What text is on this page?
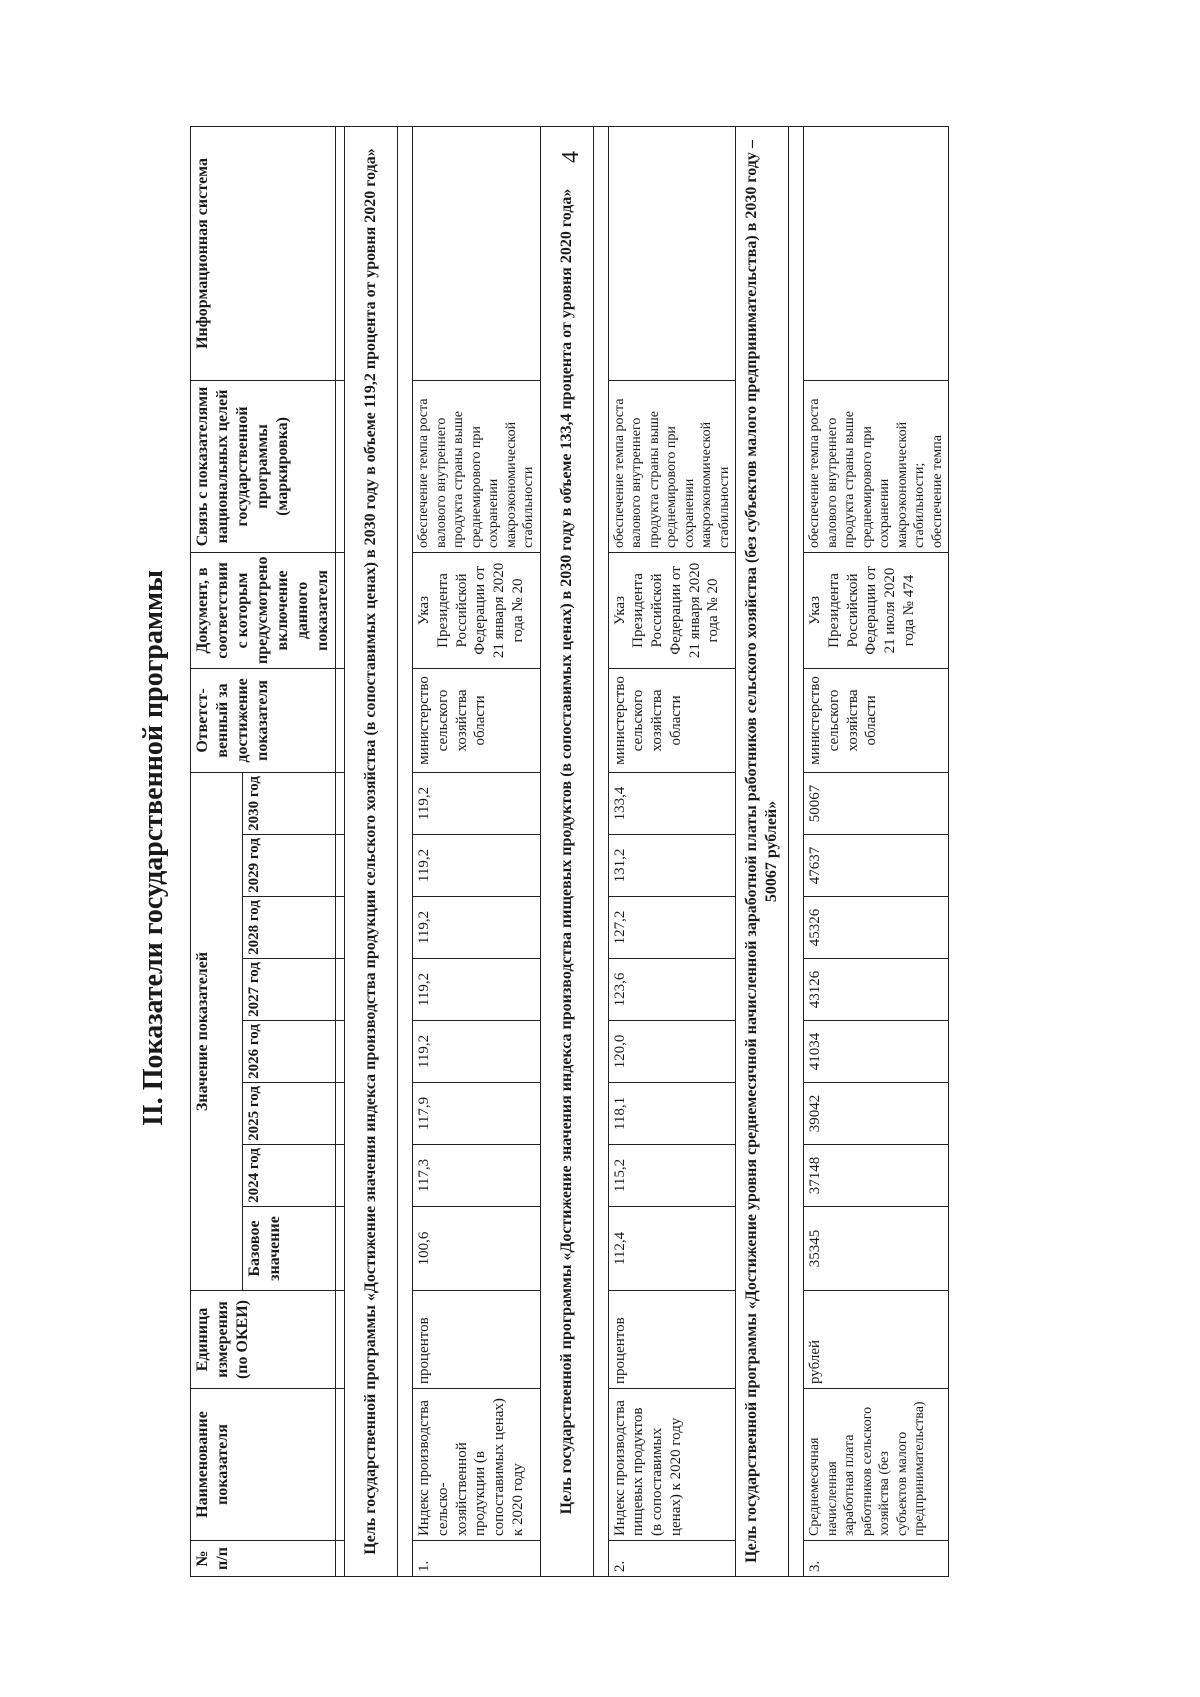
4
II. Показатели государственной программы
№ п/п	Наименование показателя	Единица измерения (по ОКЕИ)	Значение показателей								Ответст-венный за достижение показателя	Документ, в соответствии с которым предусмотрено включение данного показателя	Связь с показателями национальных целей государственной программы (маркировка)	Информационная система
			Базовое значение	2024 год	2025 год	2026 год	2027 год	2028 год	2029 год	2030 год				

Цель государственной программы «Достижение значения индекса производства продукции сельского хозяйства (в сопоставимых ценах) в 2030 году в объеме 119,2 процента от уровня 2020 года»														

1.	Индекс производства сельско-хозяйственной продукции (в сопоставимых ценах) к 2020 году	процентов	100,6	117,3	117,9	119,2	119,2	119,2	119,2	119,2	министерство сельского хозяйства области	Указ Президента Российской Федерации от 21 января 2020 года № 20	обеспечение темпа роста валового внутреннего продукта страны выше среднемирового при сохранении макроэкономической стабильности	
Цель государственной программы «Достижение значения индекса производства пищевых продуктов (в сопоставимых ценах) в 2030 году в объеме 133,4 процента от уровня 2020 года»														

2.	Индекс производства пищевых продуктов (в сопоставимых ценах) к 2020 году	процентов	112,4	115,2	118,1	120,0	123,6	127,2	131,2	133,4	министерство сельского хозяйства области	Указ Президента Российской Федерации от 21 января 2020 года № 20	обеспечение темпа роста валового внутреннего продукта страны выше среднемирового при сохранении макроэкономической стабильности	
Цель государственной программы «Достижение уровня среднемесячной начисленной заработной платы работников сельского хозяйства (без субъектов малого предпринимательства) в 2030 году – 50067 рублей»														

3.	Среднемесячная начисленная заработная плата работников сельского хозяйства (без субъектов малого предпринимательства)	рублей	35345	37148	39042	41034	43126	45326	47637	50067	министерство сельского хозяйства области	Указ Президента Российской Федерации от 21 июля 2020 года № 474	обеспечение темпа роста валового внутреннего продукта страны выше среднемирового при сохранении макроэкономической стабильности; обеспечение темпа	
